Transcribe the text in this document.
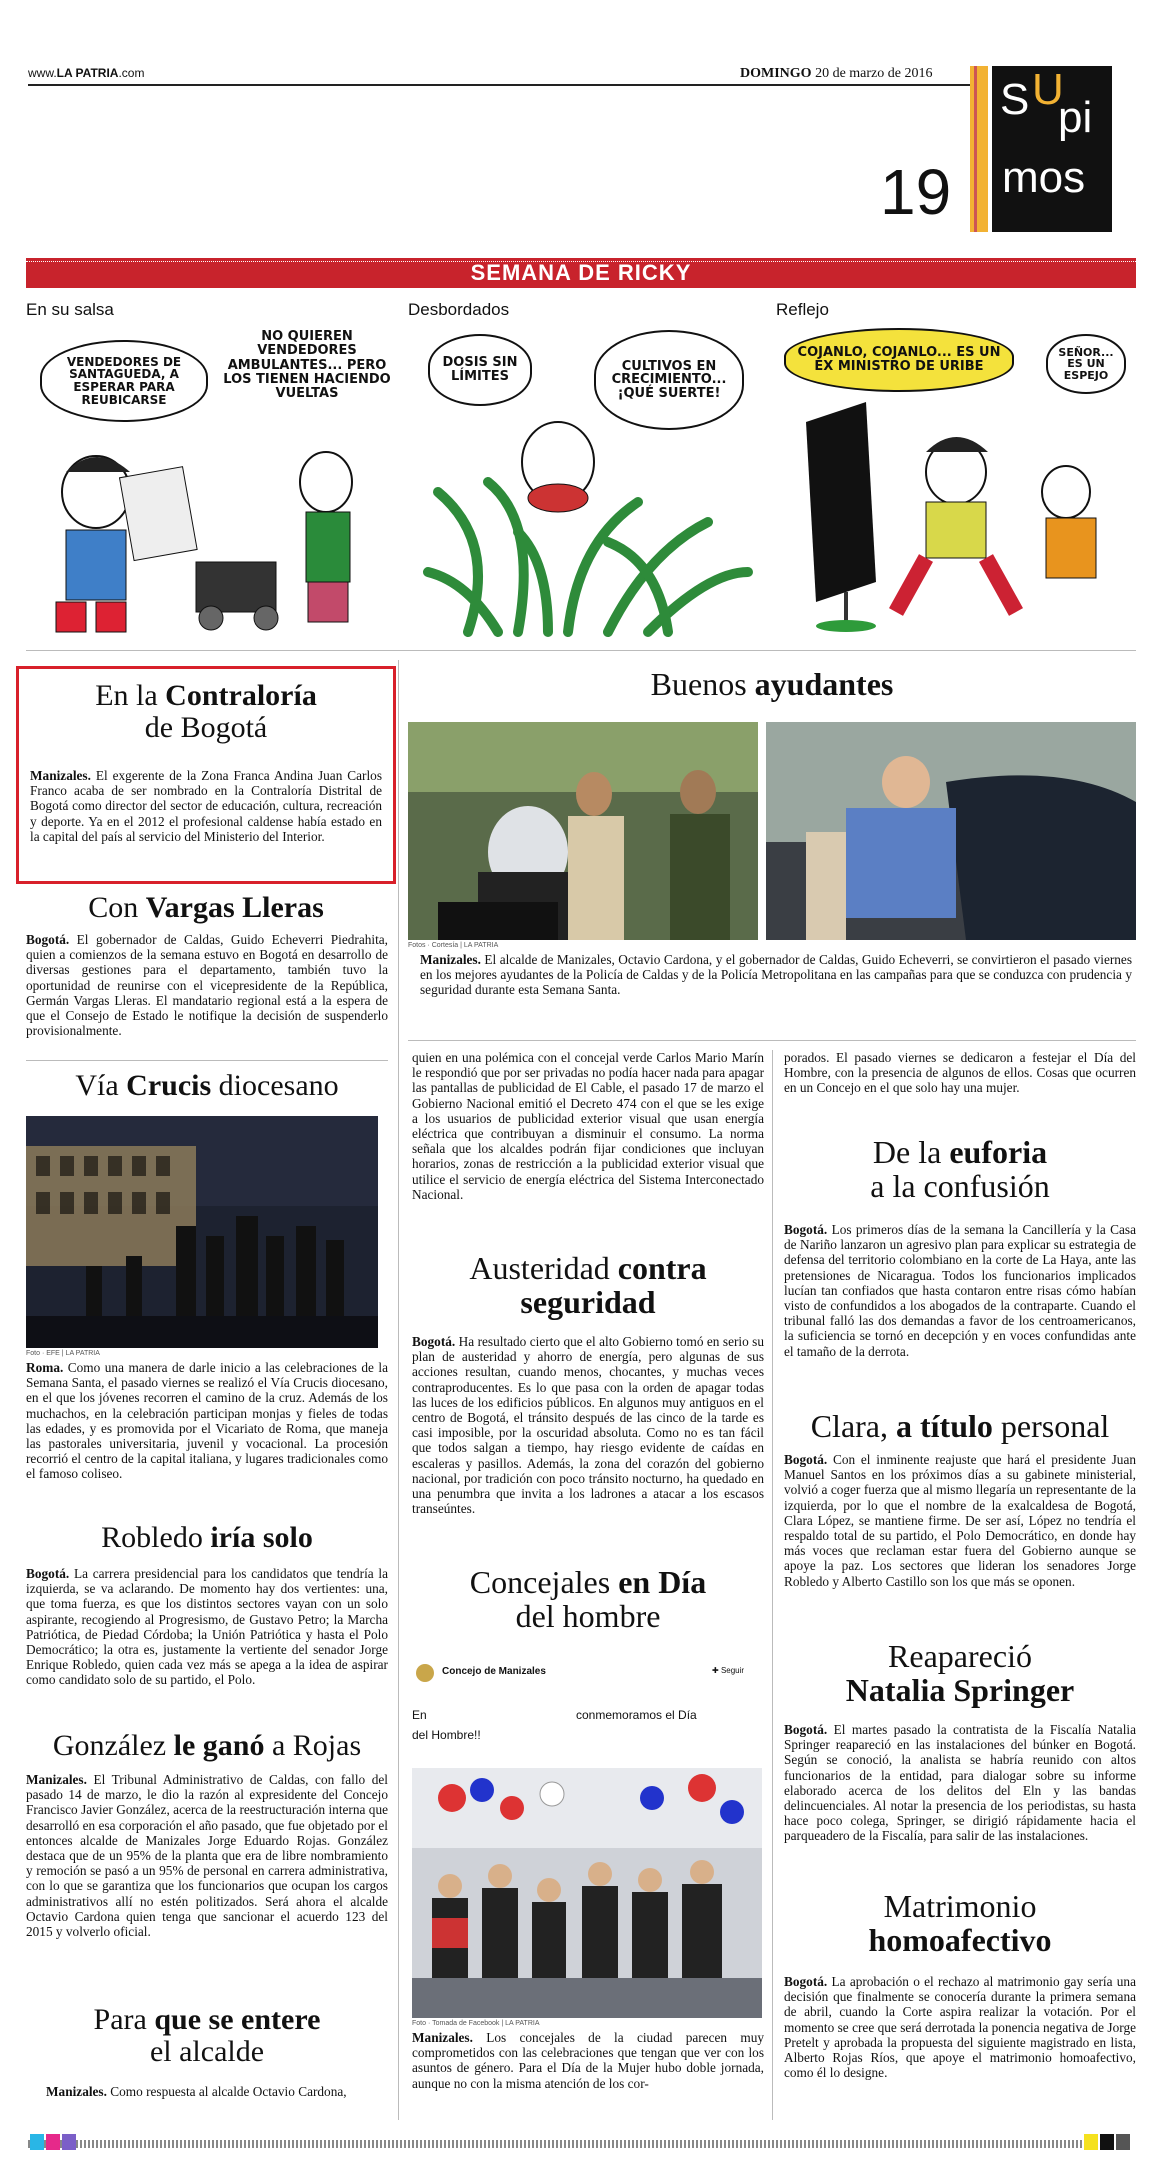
www.LA PATRIA.com	DOMINGO 20 de marzo de 2016
19
S U
pi
mos
SEMANA DE RICKY
En su salsa
VENDEDORES DE SANTAGUEDA, A ESPERAR PARA REUBICARSE
NO QUIEREN VENDEDORES AMBULANTES... PERO LOS TIENEN HACIENDO VUELTAS
Desbordados
DOSIS SIN LÍMITES
CULTIVOS EN CRECIMIENTO... ¡QUÉ SUERTE!
Reflejo
COJANLO, COJANLO... ES UN EX MINISTRO DE URIBE
SEÑOR... ES UN ESPEJO
En la Contraloría
de Bogotá
Manizales. El exgerente de la Zona Franca Andina Juan Carlos Franco acaba de ser nombrado en la Contraloría Distrital de Bogotá como director del sector de educación, cultura, recreación y deporte. Ya en el 2012 el profesional caldense había estado en la capital del país al servicio del Ministerio del Interior.
Con Vargas Lleras
Bogotá. El gobernador de Caldas, Guido Echeverri Piedrahita, quien a comienzos de la semana estuvo en Bogotá en desarrollo de diversas gestiones para el departamento, también tuvo la oportunidad de reunirse con el vicepresidente de la República, Germán Vargas Lleras. El mandatario regional está a la espera de que el Consejo de Estado le notifique la decisión de suspenderlo provisionalmente.
Vía Crucis diocesano
Foto · EFE | LA PATRIA
Roma. Como una manera de darle inicio a las celebraciones de la Semana Santa, el pasado viernes se realizó el Vía Crucis diocesano, en el que los jóvenes recorren el camino de la cruz. Además de los muchachos, en la celebración participan monjas y fieles de todas las edades, y es promovida por el Vicariato de Roma, que maneja las pastorales universitaria, juvenil y vocacional. La procesión recorrió el centro de la capital italiana, y lugares tradicionales como el famoso coliseo.
Robledo iría solo
Bogotá. La carrera presidencial para los candidatos que tendría la izquierda, se va aclarando. De momento hay dos vertientes: una, que toma fuerza, es que los distintos sectores vayan con un solo aspirante, recogiendo al Progresismo, de Gustavo Petro; la Marcha Patriótica, de Piedad Córdoba; la Unión Patriótica y hasta el Polo Democrático; la otra es, justamente la vertiente del senador Jorge Enrique Robledo, quien cada vez más se apega a la idea de aspirar como candidato solo de su partido, el Polo.
González le ganó a Rojas
Manizales. El Tribunal Administrativo de Caldas, con fallo del pasado 14 de marzo, le dio la razón al expresidente del Concejo Francisco Javier González, acerca de la reestructuración interna que desarrolló en esa corporación el año pasado, que fue objetado por el entonces alcalde de Manizales Jorge Eduardo Rojas. González destaca que de un 95% de la planta que era de libre nombramiento y remoción se pasó a un 95% de personal en carrera administrativa, con lo que se garantiza que los funcionarios que ocupan los cargos administrativos allí no estén politizados. Será ahora el alcalde Octavio Cardona quien tenga que sancionar el acuerdo 123 del 2015 y volverlo oficial.
Para que se entere
el alcalde
Manizales. Como respuesta al alcalde Octavio Cardona,
Buenos ayudantes
Fotos · Cortesía | LA PATRIA
Manizales. El alcalde de Manizales, Octavio Cardona, y el gobernador de Caldas, Guido Echeverri, se convirtieron el pasado viernes en los mejores ayudantes de la Policía de Caldas y de la Policía Metropolitana en las campañas para que se conduzca con prudencia y seguridad durante esta Semana Santa.
quien en una polémica con el concejal verde Carlos Mario Marín le respondió que por ser privadas no podía hacer nada para apagar las pantallas de publicidad de El Cable, el pasado 17 de marzo el Gobierno Nacional emitió el Decreto 474 con el que se les exige a los usuarios de publicidad exterior visual que usan energía eléctrica que contribuyan a disminuir el consumo. La norma señala que los alcaldes podrán fijar condiciones que incluyan horarios, zonas de restricción a la publicidad exterior visual que utilice el servicio de energía eléctrica del Sistema Interconectado Nacional.
Austeridad contra
seguridad
Bogotá. Ha resultado cierto que el alto Gobierno tomó en serio su plan de austeridad y ahorro de energía, pero algunas de sus acciones resultan, cuando menos, chocantes, y muchas veces contraproducentes. Es lo que pasa con la orden de apagar todas las luces de los edificios públicos. En algunos muy antiguos en el centro de Bogotá, el tránsito después de las cinco de la tarde es casi imposible, por la oscuridad absoluta. Como no es tan fácil que todos salgan a tiempo, hay riesgo evidente de caídas en escaleras y pasillos. Además, la zona del corazón del gobierno nacional, por tradición con poco tránsito nocturno, ha quedado en una penumbra que invita a los ladrones a atacar a los escasos transeúntes.
Concejales en Día
del hombre
Concejo de Manizales	✚ Seguir
En	conmemoramos el Día
del Hombre!!
Foto · Tomada de Facebook | LA PATRIA
Manizales. Los concejales de la ciudad parecen muy comprometidos con las celebraciones que tengan que ver con los asuntos de género. Para el Día de la Mujer hubo doble jornada, aunque no con la misma atención de los cor-
porados. El pasado viernes se dedicaron a festejar el Día del Hombre, con la presencia de algunos de ellos. Cosas que ocurren en un Concejo en el que solo hay una mujer.
De la euforia
a la confusión
Bogotá. Los primeros días de la semana la Cancillería y la Casa de Nariño lanzaron un agresivo plan para explicar su estrategia de defensa del territorio colombiano en la corte de La Haya, ante las pretensiones de Nicaragua. Todos los funcionarios implicados lucían tan confiados que hasta contaron entre risas cómo habían visto de confundidos a los abogados de la contraparte. Cuando el tribunal falló las dos demandas a favor de los centroamericanos, la suficiencia se tornó en decepción y en voces confundidas ante el tamaño de la derrota.
Clara, a título personal
Bogotá. Con el inminente reajuste que hará el presidente Juan Manuel Santos en los próximos días a su gabinete ministerial, volvió a coger fuerza que al mismo llegaría un representante de la izquierda, por lo que el nombre de la exalcaldesa de Bogotá, Clara López, se mantiene firme. De ser así, López no tendría el respaldo total de su partido, el Polo Democrático, en donde hay más voces que reclaman estar fuera del Gobierno aunque se apoye la paz. Los sectores que lideran los senadores Jorge Robledo y Alberto Castillo son los que más se oponen.
Reapareció
Natalia Springer
Bogotá. El martes pasado la contratista de la Fiscalía Natalia Springer reapareció en las instalaciones del búnker en Bogotá. Según se conoció, la analista se habría reunido con altos funcionarios de la entidad, para dialogar sobre su informe elaborado acerca de los delitos del Eln y las bandas delincuenciales. Al notar la presencia de los periodistas, su hasta hace poco colega, Springer, se dirigió rápidamente hacia el parqueadero de la Fiscalía, para salir de las instalaciones.
Matrimonio
homoafectivo
Bogotá. La aprobación o el rechazo al matrimonio gay sería una decisión que finalmente se conocería durante la primera semana de abril, cuando la Corte aspira realizar la votación. Por el momento se cree que será derrotada la ponencia negativa de Jorge Pretelt y aprobada la propuesta del siguiente magistrado en lista, Alberto Rojas Ríos, que apoye el matrimonio homoafectivo, como él lo designe.
